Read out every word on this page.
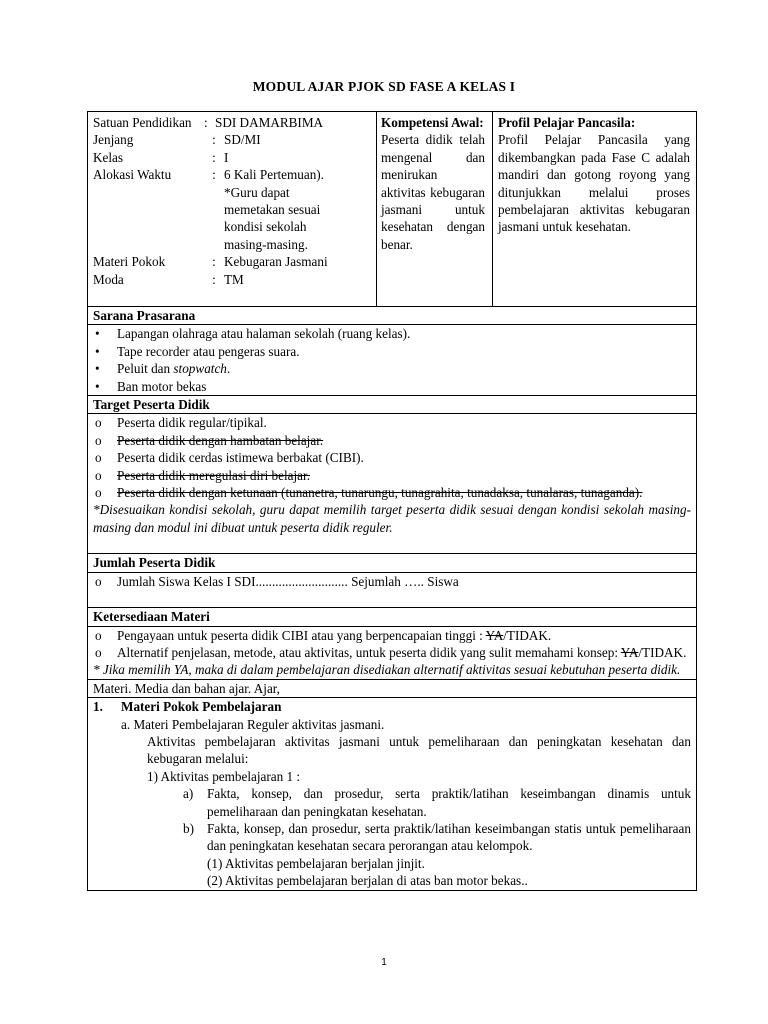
MODUL AJAR PJOK SD FASE A KELAS I
Satuan Pendidikan : SDI DAMARBIMA
Jenjang	: SD/MI
Kelas	: I
Alokasi Waktu	: 6 Kali Pertemuan). *Guru dapat memetakan sesuai kondisi sekolah masing-masing.
Materi Pokok	: Kebugaran Jasmani
Moda	: TM
Kompetensi Awal:
Peserta didik telah mengenal dan menirukan aktivitas kebugaran jasmani untuk kesehatan dengan benar.
Profil Pelajar Pancasila:
Profil Pelajar Pancasila yang dikembangkan pada Fase C adalah mandiri dan gotong royong yang ditunjukkan melalui proses pembelajaran aktivitas kebugaran jasmani untuk kesehatan.
Sarana Prasarana
•	Lapangan olahraga atau halaman sekolah (ruang kelas).
•	Tape recorder atau pengeras suara.
•	Peluit dan stopwatch.
•	Ban motor bekas
Target Peserta Didik
o	Peserta didik regular/tipikal.
o	Peserta didik dengan hambatan belajar.
o	Peserta didik cerdas istimewa berbakat (CIBI).
o	Peserta didik meregulasi diri belajar.
o	Peserta didik dengan ketunaan (tunanetra, tunarungu, tunagrahita, tunadaksa, tunalaras, tunaganda).
*Disesuaikan kondisi sekolah, guru dapat memilih target peserta didik sesuai dengan kondisi sekolah masing-masing dan modul ini dibuat untuk peserta didik reguler.
Jumlah Peserta Didik
o	Jumlah Siswa Kelas I SDI............................ Sejumlah ….. Siswa
Ketersediaan Materi
o	Pengayaan untuk peserta didik CIBI atau yang berpencapaian tinggi : YA/TIDAK.
o	Alternatif penjelasan, metode, atau aktivitas, untuk peserta didik yang sulit memahami konsep: YA/TIDAK.
* Jika memilih YA, maka di dalam pembelajaran disediakan alternatif aktivitas sesuai kebutuhan peserta didik.
Materi. Media dan bahan ajar. Ajar,
1.	Materi Pokok Pembelajaran
a. Materi Pembelajaran Reguler aktivitas jasmani.
Aktivitas pembelajaran aktivitas jasmani untuk pemeliharaan dan peningkatan kesehatan dan kebugaran melalui:
1) Aktivitas pembelajaran 1 :
a)	Fakta, konsep, dan prosedur, serta praktik/latihan keseimbangan dinamis untuk pemeliharaan dan peningkatan kesehatan.
b) Fakta, konsep, dan prosedur, serta praktik/latihan keseimbangan statis untuk pemeliharaan dan peningkatan kesehatan secara perorangan atau kelompok.
(1) Aktivitas pembelajaran berjalan jinjit.
(2) Aktivitas pembelajaran berjalan di atas ban motor bekas..
1
